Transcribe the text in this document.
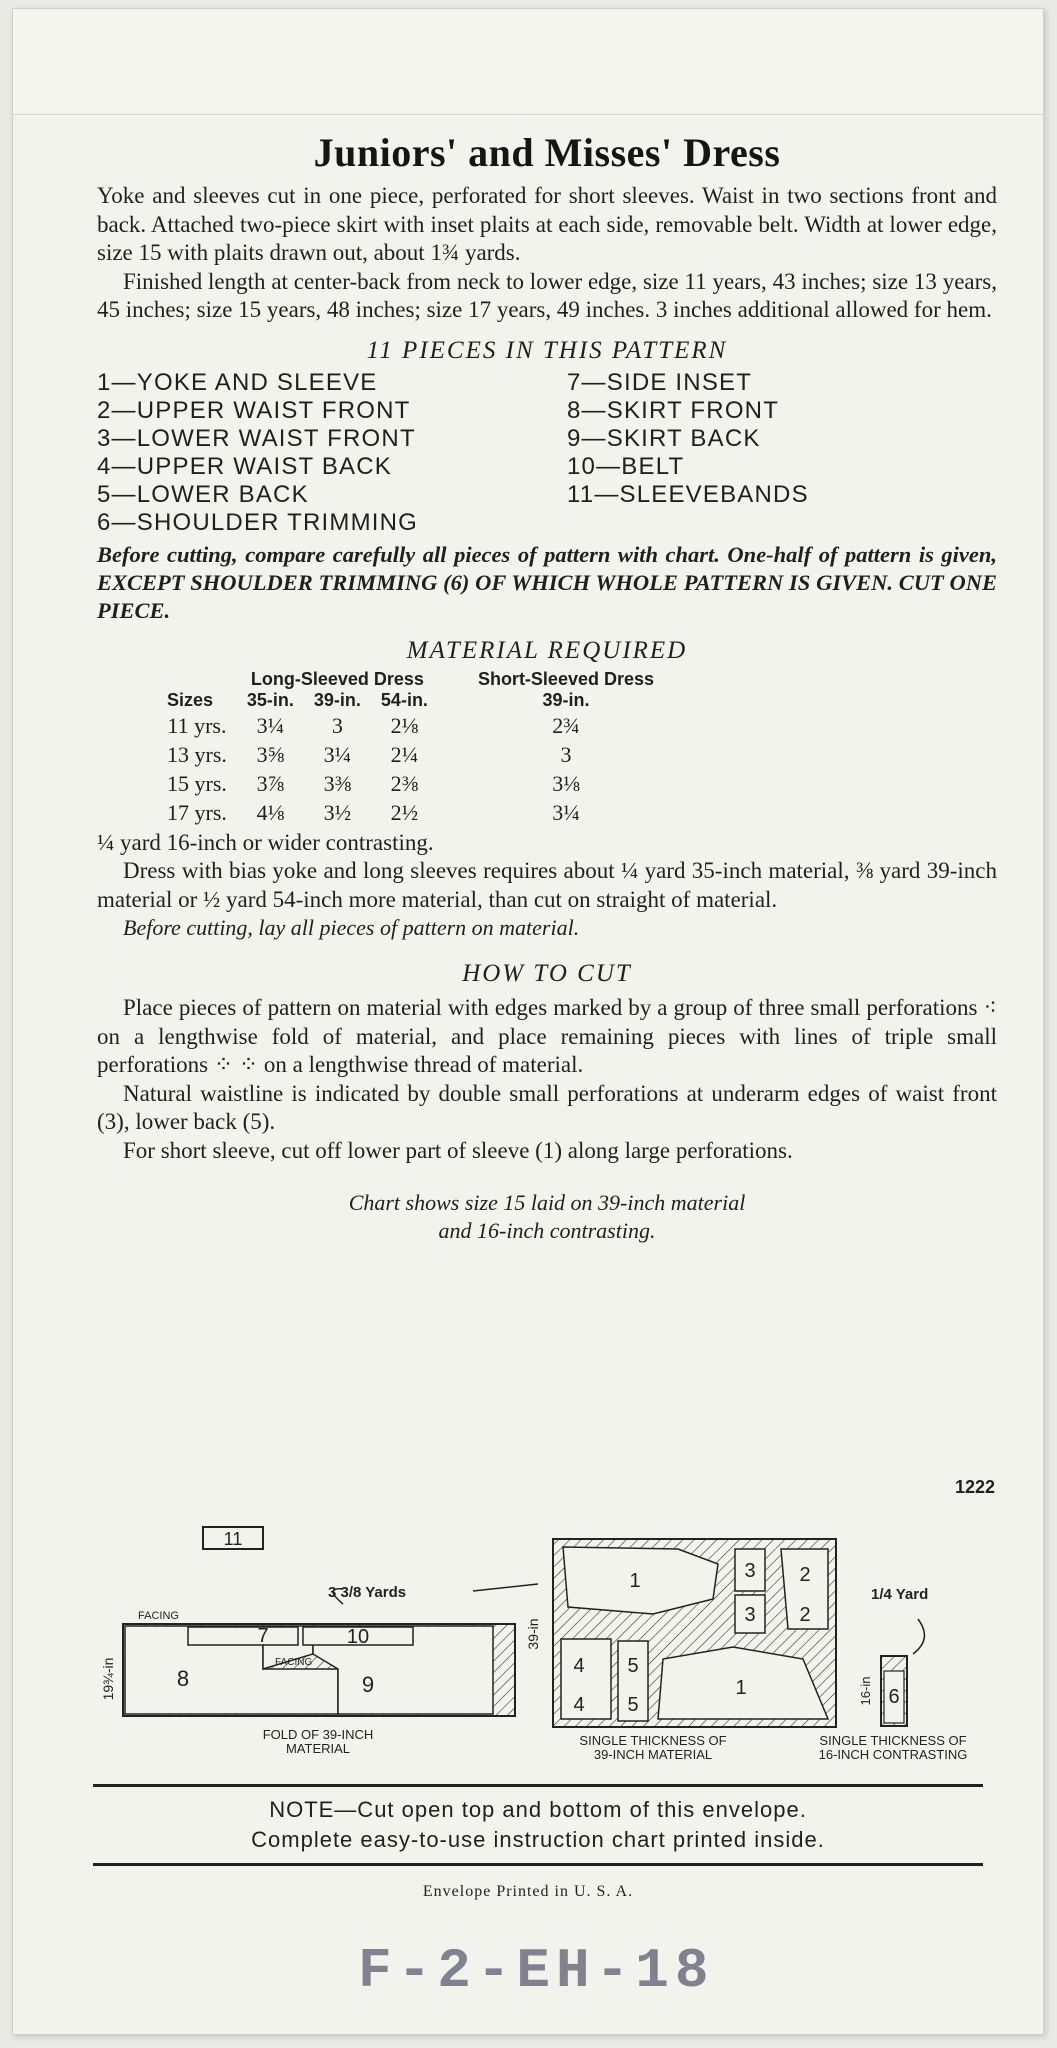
Juniors' and Misses' Dress

Yoke and sleeves cut in one piece, perforated for short sleeves. Waist in two sections front and back. Attached two-piece skirt with inset plaits at each side, removable belt. Width at lower edge, size 15 with plaits drawn out, about 1¾ yards.

Finished length at center-back from neck to lower edge, size 11 years, 43 inches; size 13 years, 45 inches; size 15 years, 48 inches; size 17 years, 49 inches. 3 inches additional allowed for hem.

11 PIECES IN THIS PATTERN
1—YOKE AND SLEEVE	7—SIDE INSET
2—UPPER WAIST FRONT	8—SKIRT FRONT
3—LOWER WAIST FRONT	9—SKIRT BACK
4—UPPER WAIST BACK	10—BELT
5—LOWER BACK	11—SLEEVEBANDS
6—SHOULDER TRIMMING

Before cutting, compare carefully all pieces of pattern with chart. One-half of pattern is given, EXCEPT SHOULDER TRIMMING (6) OF WHICH WHOLE PATTERN IS GIVEN. CUT ONE PIECE.

MATERIAL REQUIRED
	Long-Sleeved Dress			Short-Sleeved Dress
Sizes	35-in.	39-in.	54-in.	39-in.
11 yrs.	3¼	3	2⅛	2¾
13 yrs.	3⅝	3¼	2¼	3
15 yrs.	3⅞	3⅜	2⅜	3⅛
17 yrs.	4⅛	3½	2½	3¼

¼ yard 16-inch or wider contrasting.

Dress with bias yoke and long sleeves requires about ¼ yard 35-inch material, ⅜ yard 39-inch material or ½ yard 54-inch more material, than cut on straight of material.

Before cutting, lay all pieces of pattern on material.

HOW TO CUT

Place pieces of pattern on material with edges marked by a group of three small perforations ⁖ on a lengthwise fold of material, and place remaining pieces with lines of triple small perforations ⁘ ⁘ on a lengthwise thread of material.

Natural waistline is indicated by double small perforations at underarm edges of waist front (3), lower back (5).

For short sleeve, cut off lower part of sleeve (1) along large perforations.

Chart shows size 15 laid on 39-inch material
and 16-inch contrasting.
1222
11
7	10
8	9
FACING
FACING
19¾-in
3 3/8 Yards
FOLD OF 39-INCH
MATERIAL
1	3
3
2
2
4
4
5
5
1
39-in
SINGLE THICKNESS OF
39-INCH MATERIAL
1/4 Yard
6
16-in
SINGLE THICKNESS OF
16-INCH CONTRASTING
NOTE—Cut open top and bottom of this envelope.
Complete easy-to-use instruction chart printed inside.
Envelope Printed in U. S. A.
F-2-EH-18
